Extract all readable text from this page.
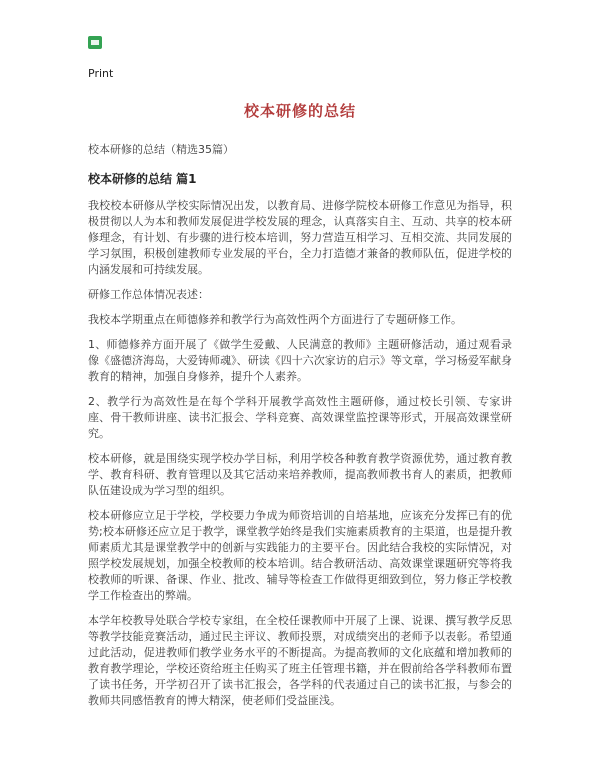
Print
校本研修的总结
校本研修的总结（精选35篇）
校本研修的总结 篇1

我校校本研修从学校实际情况出发，以教育局、进修学院校本研修工作意见为指导，积极贯彻以人为本和教师发展促进学校发展的理念，认真落实自主、互动、共享的校本研修理念，有计划、有步骤的进行校本培训，努力营造互相学习、互相交流、共同发展的学习氛围，积极创建教师专业发展的平台，全力打造德才兼备的教师队伍，促进学校的内涵发展和可持续发展。

研修工作总体情况表述：

我校本学期重点在师德修养和教学行为高效性两个方面进行了专题研修工作。

1、师德修养方面开展了《做学生爱戴、人民满意的教师》主题研修活动，通过观看录像《盛德济海岛，大爱铸师魂》、研读《四十六次家访的启示》等文章，学习杨爱军献身教育的精神，加强自身修养，提升个人素养。

2、教学行为高效性是在每个学科开展教学高效性主题研修，通过校长引领、专家讲座、骨干教师讲座、读书汇报会、学科竞赛、高效课堂监控课等形式，开展高效课堂研究。

校本研修，就是围绕实现学校办学目标，利用学校各种教育教学资源优势，通过教育教学、教育科研、教育管理以及其它活动来培养教师，提高教师教书育人的素质，把教师队伍建设成为学习型的组织。

校本研修应立足于学校，学校要力争成为师资培训的自培基地，应该充分发挥已有的优势;校本研修还应立足于教学，课堂教学始终是我们实施素质教育的主渠道，也是提升教师素质尤其是课堂教学中的创新与实践能力的主要平台。因此结合我校的实际情况，对照学校发展规划，加强全校教师的校本培训。结合教研活动、高效课堂课题研究等将我校教师的听课、备课、作业、批改、辅导等检查工作做得更细致到位，努力修正学校教学工作检查出的弊端。

本学年校教导处联合学校专家组，在全校任课教师中开展了上课、说课、撰写教学反思等教学技能竞赛活动，通过民主评议、教师投票，对成绩突出的老师予以表彰。希望通过此活动，促进教师们教学业务水平的不断提高。为提高教师的文化底蕴和增加教师的教育教学理论，学校还资给班主任购买了班主任管理书籍，并在假前给各学科教师布置了读书任务，开学初召开了读书汇报会，各学科的代表通过自己的读书汇报，与参会的教师共同感悟教育的博大精深，使老师们受益匪浅。
